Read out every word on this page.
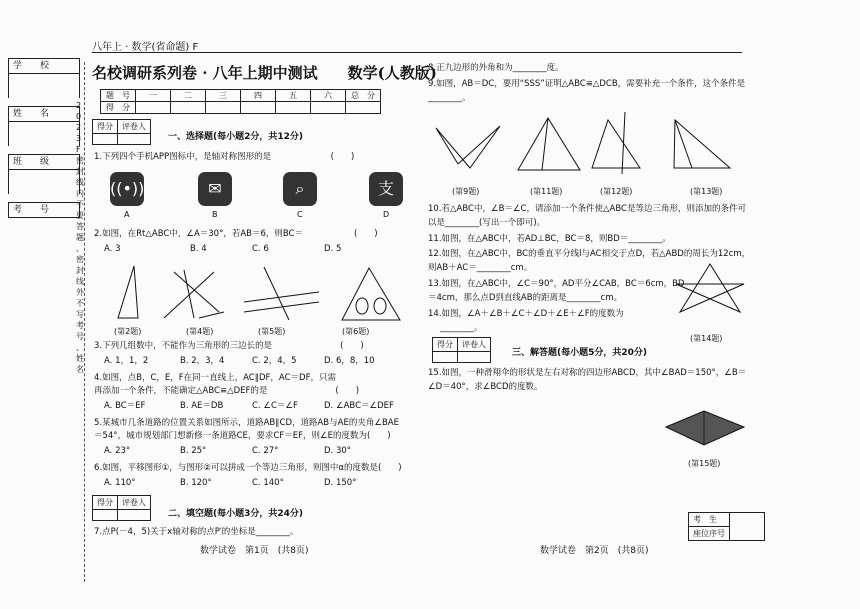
学　　校
姓　　名
班　　级
考　　号
2023 F 密 封 线 内 不 要 答 题 、 密 封 线 外 不 写 考 号 、 姓 名
八年上 · 数学(省命题) F
名校调研系列卷 · 八年上期中测试　　数学(人教版)
题　号	一	二	三	四	五	六	总　分
得　分							
得分	评卷人

一、选择题(每小题2分，共12分)
1.下列四个手机APP图标中，是轴对称图形的是　　　　　　　(　　)
((•))	✉	⌕	支
A	B	C	D
2.如图，在Rt△ABC中，∠A＝30°，若AB＝6，则BC＝　　　　　　(　　)
A. 3	B. 4	C. 6	D. 5
(第2题)	(第4题)	(第5题)	(第6题)
3.下列几组数中，不能作为三角形的三边长的是　　　　　　　　(　　)
A. 1，1，2	B. 2，3，4	C. 2，4，5	D. 6，8，10
4.如图，点B，C，E，F在同一直线上，AC∥DF，AC＝DF，只需
再添加一个条件，不能确定△ABC≌△DEF的是　　　　　　　　(　　)
A. BC＝EF	B. AE＝DB	C. ∠C＝∠F	D. ∠ABC＝∠DEF
5.某城市几条道路的位置关系如图所示，道路AB∥CD，道路AB与AE的夹角∠BAE
＝54°，城市规划部门想新修一条道路CE，要求CF＝EF，则∠E的度数为(　　)
A. 23°	B. 25°	C. 27°	D. 30°
6.如图，平移图形①，与图形②可以拼成一个等边三角形，则图中α的度数是(　　)
A. 110°	B. 120°	C. 140°	D. 150°
得分	评卷人

二、填空题(每小题3分，共24分)
7.点P(－4，5)关于x轴对称的点P′的坐标是________。
数学试卷　第1页　(共8页)
8.正九边形的外角和为________度。
9.如图，AB＝DC，要用“SSS”证明△ABC≌△DCB，需要补充一个条件，这个条件是
________。
(第9题)	(第11题)	(第12题)	(第13题)
10.若△ABC中，∠B＝∠C，请添加一个条件使△ABC是等边三角形，则添加的条件可
以是________(写出一个即可)。
11.如图，在△ABC中，若AD⊥BC，BC＝8，则BD＝________。
12.如图，在△ABC中，BC的垂直平分线l与AC相交于点D，若△ABD的周长为12cm，
则AB＋AC＝________cm。
13.如图，在△ABC中，∠C＝90°，AD平分∠CAB，BC＝6cm，BD
＝4cm，那么点D到直线AB的距离是________cm。
14.如图，∠A＋∠B＋∠C＋∠D＋∠E＋∠F的度数为
________。
(第14题)
得分	评卷人

三、解答题(每小题5分，共20分)
15.如图，一种滑翔伞的形状是左右对称的四边形ABCD，其中∠BAD＝150°，∠B＝
∠D＝40°，求∠BCD的度数。
(第15题)
考　生	
座位序号
数学试卷　第2页　(共8页)
